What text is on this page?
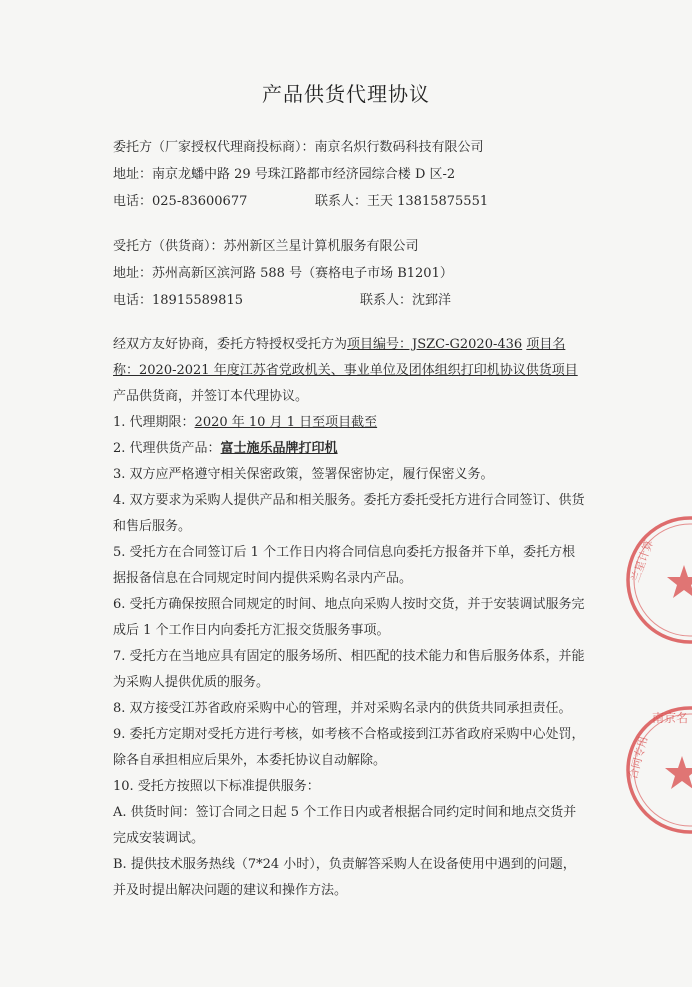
产品供货代理协议
委托方（厂家授权代理商投标商）：南京名炽行数码科技有限公司
地址：南京龙蟠中路 29 号珠江路都市经济园综合楼 D 区-2
电话：025-83600677	联系人：王天 13815875551
受托方（供货商）：苏州新区兰星计算机服务有限公司
地址：苏州高新区滨河路 588 号（赛格电子市场 B1201）
电话：18915589815	联系人：沈郅洋
经双方友好协商，委托方特授权受托方为项目编号：JSZC-G2020-436 项目名称：2020-2021 年度江苏省党政机关、事业单位及团体组织打印机协议供货项目产品供货商，并签订本代理协议。
1. 代理期限：2020 年 10 月 1 日至项目截至
2. 代理供货产品：富士施乐品牌打印机
3. 双方应严格遵守相关保密政策，签署保密协定，履行保密义务。
4. 双方要求为采购人提供产品和相关服务。委托方委托受托方进行合同签订、供货和售后服务。
5. 受托方在合同签订后 1 个工作日内将合同信息向委托方报备并下单，委托方根据报备信息在合同规定时间内提供采购名录内产品。
6. 受托方确保按照合同规定的时间、地点向采购人按时交货，并于安装调试服务完成后 1 个工作日内向委托方汇报交货服务事项。
7. 受托方在当地应具有固定的服务场所、相匹配的技术能力和售后服务体系，并能为采购人提供优质的服务。
8. 双方接受江苏省政府采购中心的管理，并对采购名录内的供货共同承担责任。
9. 委托方定期对受托方进行考核，如考核不合格或接到江苏省政府采购中心处罚，除各自承担相应后果外，本委托协议自动解除。
10. 受托方按照以下标准提供服务：
A. 供货时间：签订合同之日起 5 个工作日内或者根据合同约定时间和地点交货并完成安装调试。
B. 提供技术服务热线（7*24 小时），负责解答采购人在设备使用中遇到的问题，并及时提出解决问题的建议和操作方法。
兰星计算
南京名
合同专用
